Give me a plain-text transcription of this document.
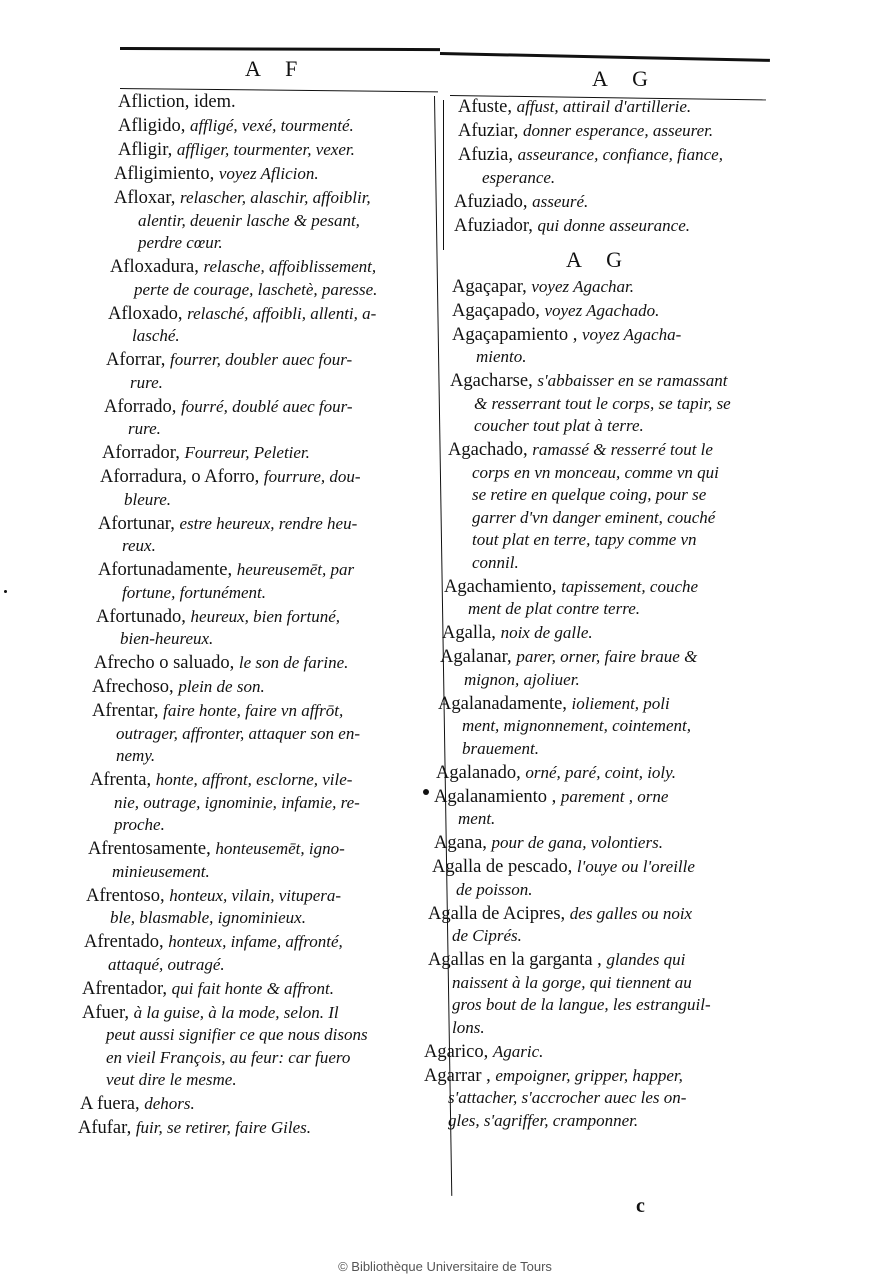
A F	A G
Afliction, idem.
Afligido, affligé, vexé, tourmenté.
Afligir, affliger, tourmenter, vexer.
Afligimiento, voyez Aflicion.
Afloxar, relascher, alaschir, affoiblir,
alentir, deuenir lasche & pesant,
perdre cœur.
Afloxadura, relasche, affoiblissement,
perte de courage, laschetè, paresse.
Afloxado, relasché, affoibli, allenti, a-
lasché.
Aforrar, fourrer, doubler auec four-
rure.
Aforrado, fourré, doublé auec four-
rure.
Aforrador, Fourreur, Peletier.
Aforradura, o Aforro, fourrure, dou-
bleure.
Afortunar, estre heureux, rendre heu-
reux.
Afortunadamente, heureusemēt, par
fortune, fortunément.
Afortunado, heureux, bien fortuné,
bien-heureux.
Afrecho o saluado, le son de farine.
Afrechoso, plein de son.
Afrentar, faire honte, faire vn affrōt,
outrager, affronter, attaquer son en-
nemy.
Afrenta, honte, affront, esclorne, vile-
nie, outrage, ignominie, infamie, re-
proche.
Afrentosamente, honteusemēt, igno-
minieusement.
Afrentoso, honteux, vilain, vitupera-
ble, blasmable, ignominieux.
Afrentado, honteux, infame, affronté,
attaqué, outragé.
Afrentador, qui fait honte & affront.
Afuer, à la guise, à la mode, selon. Il
peut aussi signifier ce que nous disons
en vieil François, au feur: car fuero
veut dire le mesme.
A fuera, dehors.
Afufar, fuir, se retirer, faire Giles.
Afuste, affust, attirail d'artillerie.
Afuziar, donner esperance, asseurer.
Afuzia, asseurance, confiance, fiance,
esperance.
Afuziado, asseuré.
Afuziador, qui donne asseurance.
A G
Agaçapar, voyez Agachar.
Agaçapado, voyez Agachado.
Agaçapamiento , voyez Agacha-
miento.
Agacharse, s'abbaisser en se ramassant
& resserrant tout le corps, se tapir, se
coucher tout plat à terre.
Agachado, ramassé & resserré tout le
corps en vn monceau, comme vn qui
se retire en quelque coing, pour se
garrer d'vn danger eminent, couché
tout plat en terre, tapy comme vn
connil.
Agachamiento, tapissement, couche
ment de plat contre terre.
Agalla, noix de galle.
Agalanar, parer, orner, faire braue &
mignon, ajoliuer.
Agalanadamente, ioliement, poli
ment, mignonnement, cointement,
brauement.
Agalanado, orné, paré, coint, ioly.
Agalanamiento , parement , orne
ment.
Agana, pour de gana, volontiers.
Agalla de pescado, l'ouye ou l'oreille
de poisson.
Agalla de Acipres, des galles ou noix
de Ciprés.
Agallas en la garganta , glandes qui
naissent à la gorge, qui tiennent au
gros bout de la langue, les estranguil-
lons.
Agarico, Agaric.
Agarrar , empoigner, gripper, happer,
s'attacher, s'accrocher auec les on-
gles, s'agriffer, cramponner.
c
© Bibliothèque Universitaire de Tours
